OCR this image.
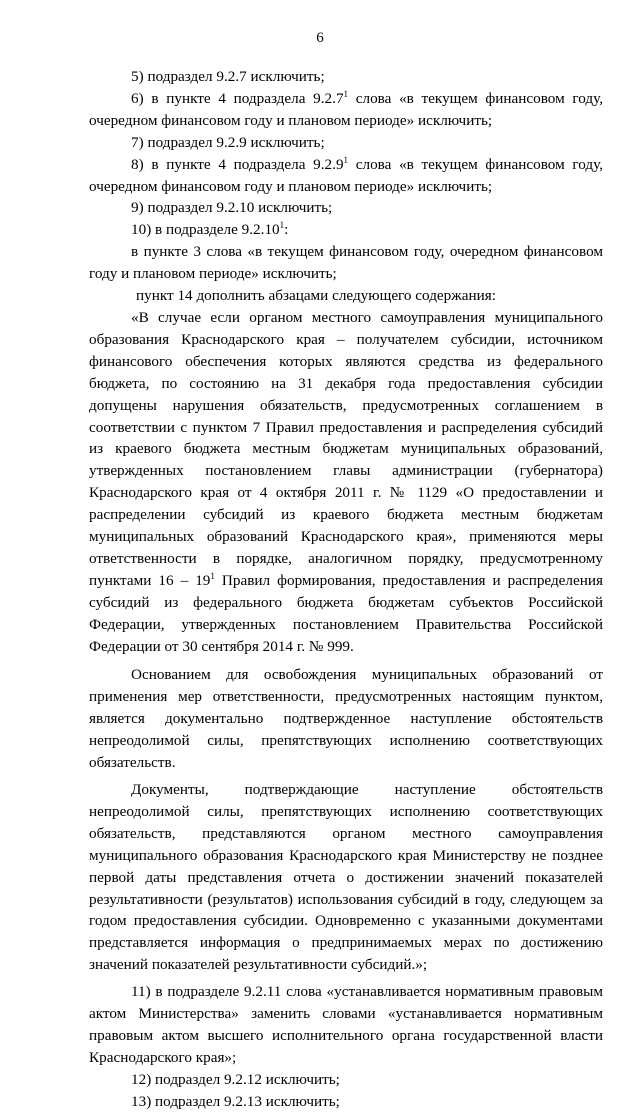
6

5) подраздел 9.2.7 исключить;

6) в пункте 4 подраздела 9.2.7$^1$ слова «в текущем финансовом году, очередном финансовом году и плановом периоде» исключить;

7) подраздел 9.2.9 исключить;

8) в пункте 4 подраздела 9.2.9$^1$ слова «в текущем финансовом году, очередном финансовом году и плановом периоде» исключить;

9) подраздел 9.2.10 исключить;

10) в подразделе 9.2.10$^1$:

в пункте 3 слова «в текущем финансовом году, очередном финансовом году и плановом периоде» исключить;

пункт 14 дополнить абзацами следующего содержания:

«В случае если органом местного самоуправления муниципального образования Краснодарского края – получателем субсидии, источником финансового обеспечения которых являются средства из федерального бюджета, по состоянию на 31 декабря года предоставления субсидии допущены нарушения обязательств, предусмотренных соглашением в соответствии с пунктом 7 Правил предоставления и распределения субсидий из краевого бюджета местным бюджетам муниципальных образований, утвержденных постановлением главы администрации (губернатора) Краснодарского края от 4 октября 2011 г. № 1129 «О предоставлении и распределении субсидий из краевого бюджета местным бюджетам муниципальных образований Краснодарского края», применяются меры ответственности в порядке, аналогичном порядку, предусмотренному пунктами $16 - 19^1$ Правил формирования, предоставления и распределения субсидий из федерального бюджета бюджетам субъектов Российской Федерации, утвержденных постановлением Правительства Российской Федерации от 30 сентября 2014 г. № 999.

Основанием для освобождения муниципальных образований от применения мер ответственности, предусмотренных настоящим пунктом, является документально подтвержденное наступление обстоятельств непреодолимой силы, препятствующих исполнению соответствующих обязательств.

Документы, подтверждающие наступление обстоятельств непреодолимой силы, препятствующих исполнению соответствующих обязательств, представляются органом местного самоуправления муниципального образования Краснодарского края Министерству не позднее первой даты представления отчета о достижении значений показателей результативности (результатов) использования субсидий в году, следующем за годом предоставления субсидии. Одновременно с указанными документами представляется информация о предпринимаемых мерах по достижению значений показателей результативности субсидий.»;

11) в подразделе 9.2.11 слова «устанавливается нормативным правовым актом Министерства» заменить словами «устанавливается нормативным правовым актом высшего исполнительного органа государственной власти Краснодарского края»;

12) подраздел 9.2.12 исключить;

13) подраздел 9.2.13 исключить;
